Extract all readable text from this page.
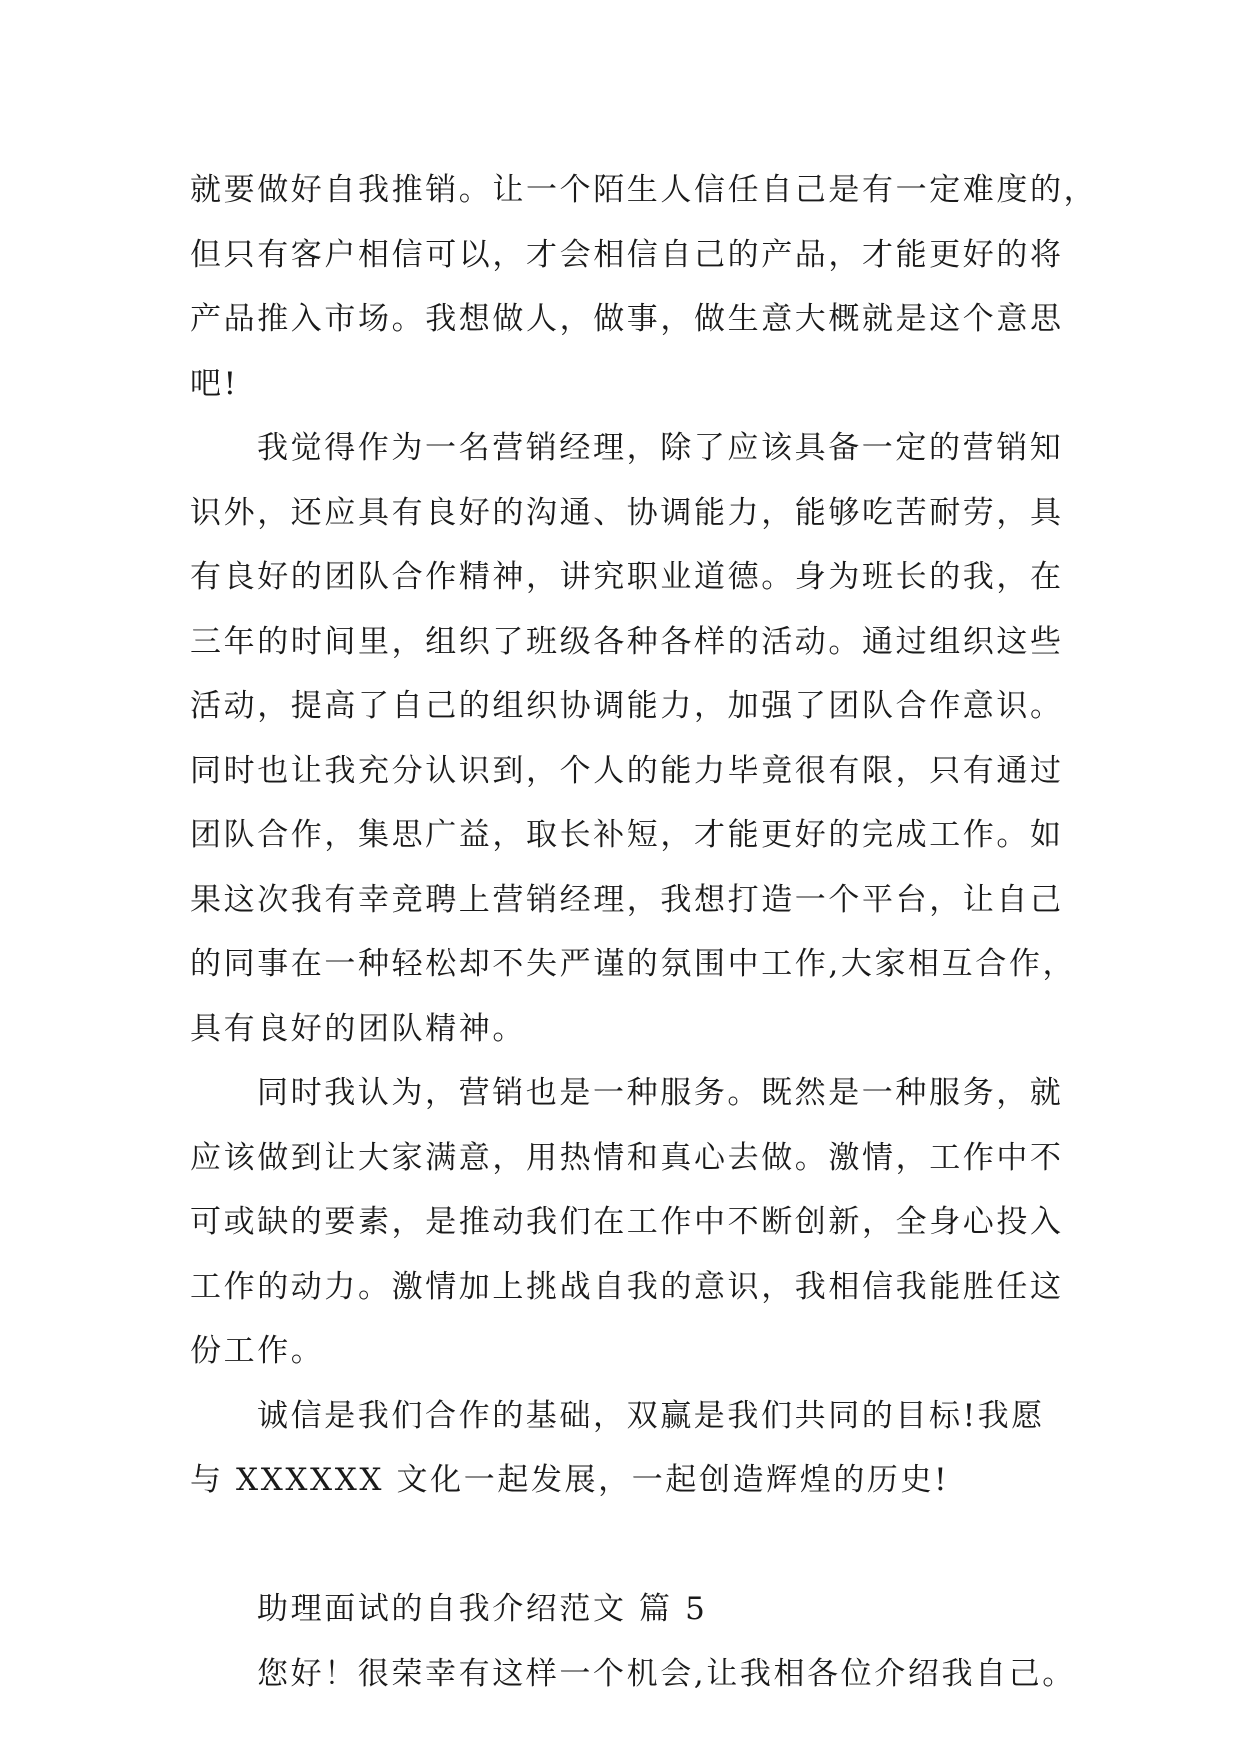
就要做好自我推销。让一个陌生人信任自己是有一定难度的，
但只有客户相信可以，才会相信自己的产品，才能更好的将
产品推入市场。我想做人，做事，做生意大概就是这个意思
吧!
我觉得作为一名营销经理，除了应该具备一定的营销知
识外，还应具有良好的沟通、协调能力，能够吃苦耐劳，具
有良好的团队合作精神，讲究职业道德。身为班长的我，在
三年的时间里，组织了班级各种各样的活动。通过组织这些
活动，提高了自己的组织协调能力，加强了团队合作意识。
同时也让我充分认识到，个人的能力毕竟很有限，只有通过
团队合作，集思广益，取长补短，才能更好的完成工作。如
果这次我有幸竞聘上营销经理，我想打造一个平台，让自己
的同事在一种轻松却不失严谨的氛围中工作,大家相互合作，
具有良好的团队精神。
同时我认为，营销也是一种服务。既然是一种服务，就
应该做到让大家满意，用热情和真心去做。激情，工作中不
可或缺的要素，是推动我们在工作中不断创新，全身心投入
工作的动力。激情加上挑战自我的意识，我相信我能胜任这
份工作。
诚信是我们合作的基础，双赢是我们共同的目标!我愿
与 XXXXXX 文化一起发展，一起创造辉煌的历史!
助理面试的自我介绍范文 篇 5
您好！很荣幸有这样一个机会,让我相各位介绍我自己。
